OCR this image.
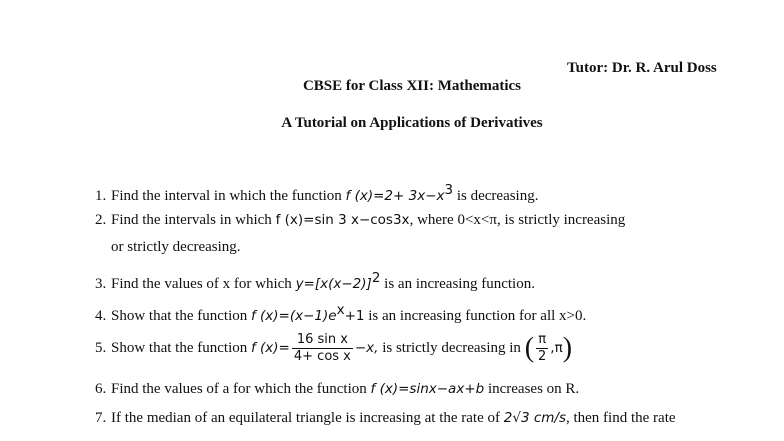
Tutor: Dr. R. Arul Doss
CBSE for Class XII: Mathematics
A Tutorial on Applications of Derivatives
1. Find the interval in which the function f $(x)=2+ 3x-x^3$ is decreasing.
2. Find the intervals in which f (x)=sin 3 x−cos3x, where 0<x<π, is strictly increasing
or strictly decreasing.
3. Find the values of x for which $y=[x(x-2)]^2$ is an increasing function.
4. Show that the function f $(x)=(x-1)e^x+1$ is an increasing function for all x>0.
5. Show that the function f $(x)= \frac{\text{16 sin x}}{\text{4+ cos x}} -x$, is strictly decreasing in ( $\frac{\pi}{2} ,\pi$)
6. Find the values of a for which the function f (x)=sinx−ax+b increases on R.
7. If the median of an equilateral triangle is increasing at the rate of 2√3 cm/s, then find the rate
